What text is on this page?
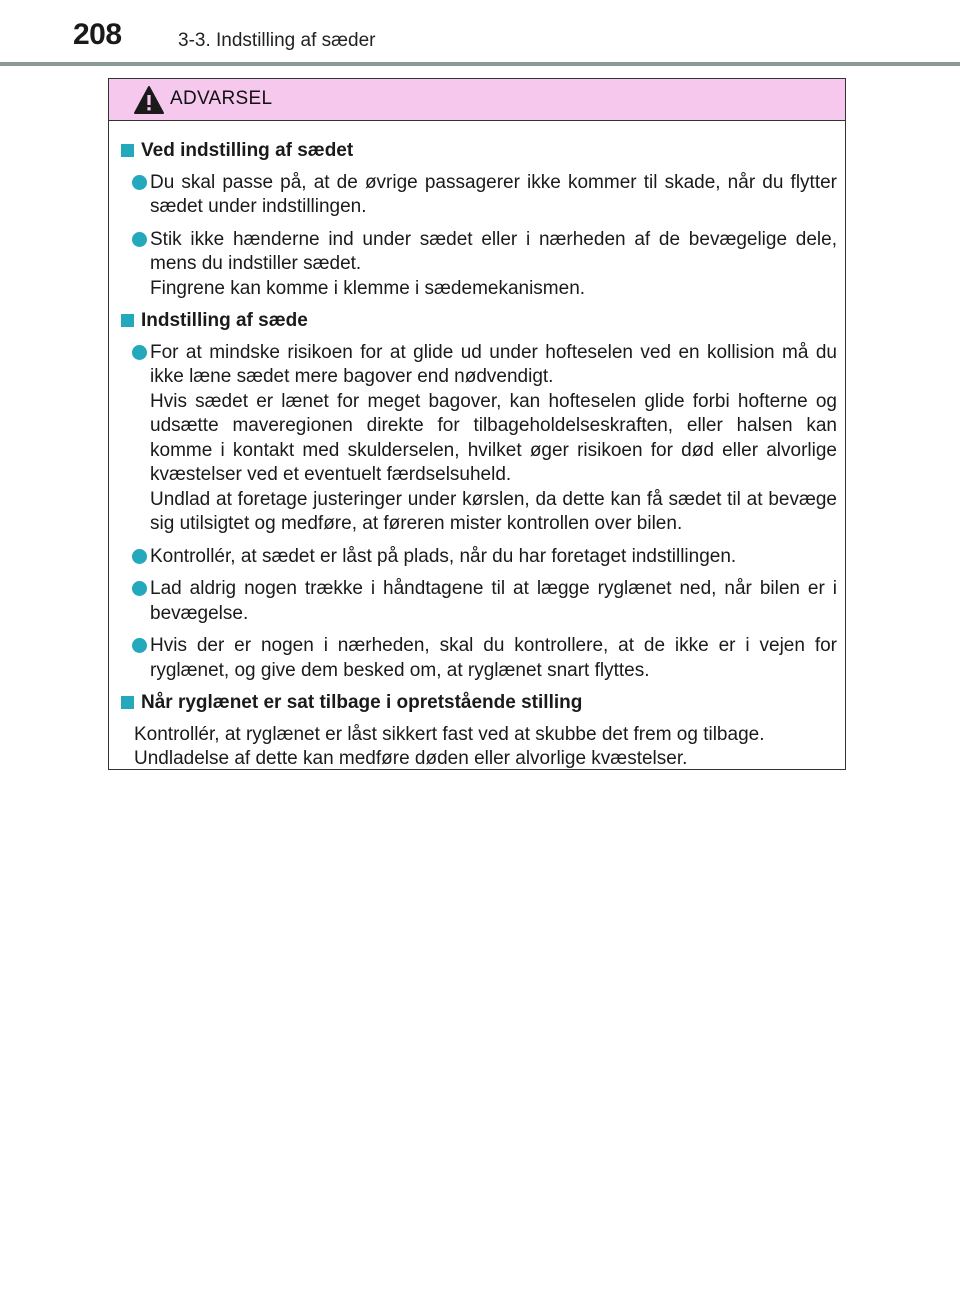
208	3-3. Indstilling af sæder
ADVARSEL
Ved indstilling af sædet
Du skal passe på, at de øvrige passagerer ikke kommer til skade, når du flytter sædet under indstillingen.
Stik ikke hænderne ind under sædet eller i nærheden af de bevægelige dele, mens du indstiller sædet.
Fingrene kan komme i klemme i sædemekanismen.
Indstilling af sæde
For at mindske risikoen for at glide ud under hofteselen ved en kollision må du ikke læne sædet mere bagover end nødvendigt.
Hvis sædet er lænet for meget bagover, kan hofteselen glide forbi hofterne og udsætte maveregionen direkte for tilbageholdelseskraften, eller halsen kan komme i kontakt med skulderselen, hvilket øger risikoen for død eller alvorlige kvæstelser ved et eventuelt færdselsuheld.
Undlad at foretage justeringer under kørslen, da dette kan få sædet til at bevæge sig utilsigtet og medføre, at føreren mister kontrollen over bilen.
Kontrollér, at sædet er låst på plads, når du har foretaget indstillingen.
Lad aldrig nogen trække i håndtagene til at lægge ryglænet ned, når bilen er i bevægelse.
Hvis der er nogen i nærheden, skal du kontrollere, at de ikke er i vejen for ryglænet, og give dem besked om, at ryglænet snart flyttes.
Når ryglænet er sat tilbage i opretstående stilling
Kontrollér, at ryglænet er låst sikkert fast ved at skubbe det frem og tilbage.
Undladelse af dette kan medføre døden eller alvorlige kvæstelser.
